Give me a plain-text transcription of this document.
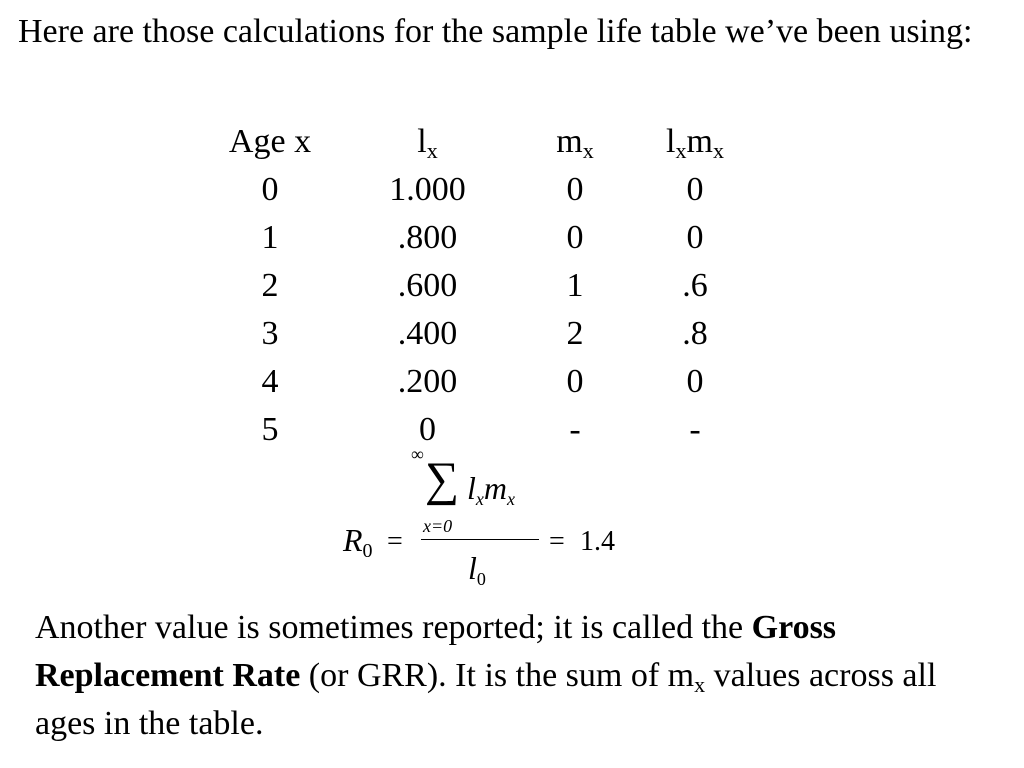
Here are those calculations for the sample life table we’ve been using:

Age x	$l_x$	$m_x$	$l_xm_x$
0	1.000	0	0
1	.800	0	0
2	.600	1	.6
3	.400	2	.8
4	.200	0	0
5	0	-	-
$R_0$ =
∞ ∑ $l_xm_x$
x=0
$l_0$
= 1.4

Another value is sometimes reported; it is called the Gross Replacement Rate (or GRR). It is the sum of $m_x$ values across all ages in the table.
